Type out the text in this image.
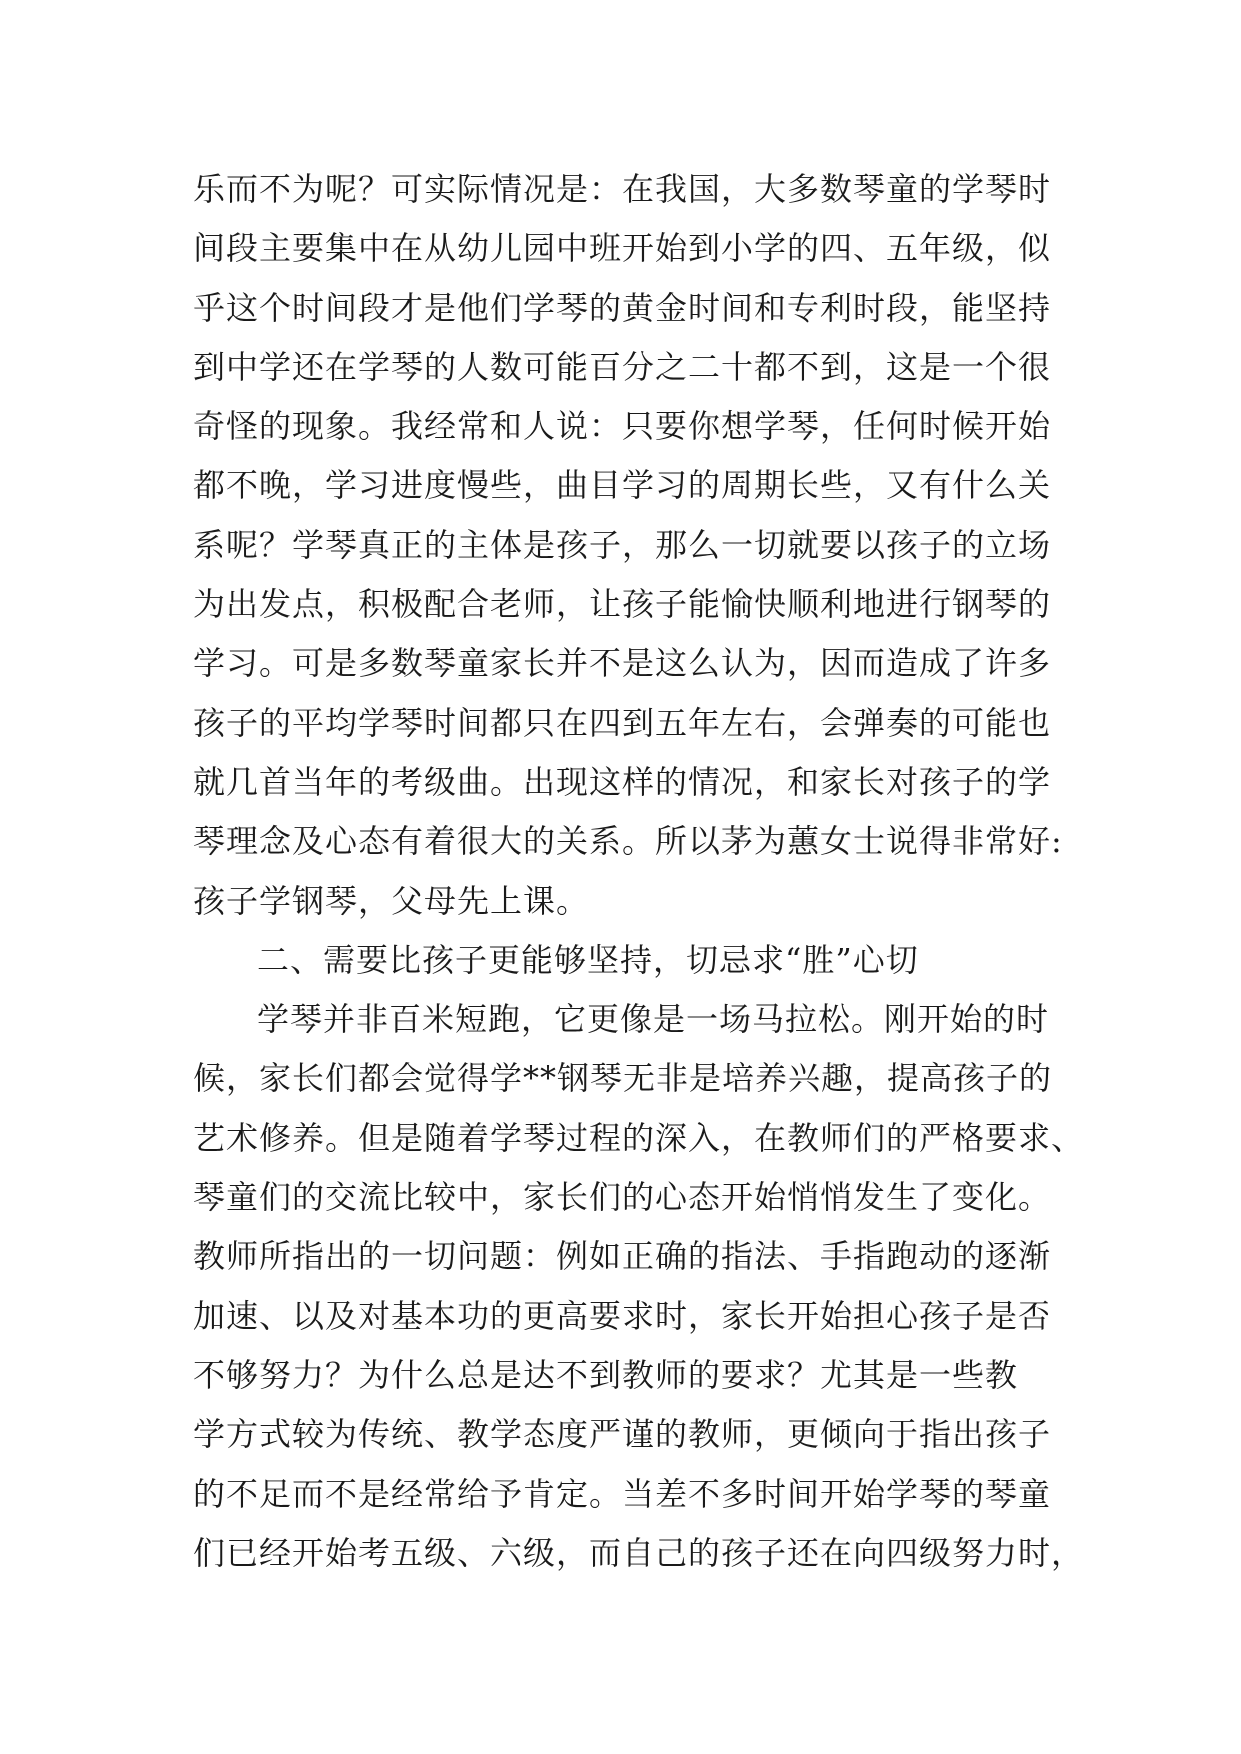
乐而不为呢？可实际情况是：在我国，大多数琴童的学琴时
间段主要集中在从幼儿园中班开始到小学的四、五年级，似
乎这个时间段才是他们学琴的黄金时间和专利时段，能坚持
到中学还在学琴的人数可能百分之二十都不到，这是一个很
奇怪的现象。我经常和人说：只要你想学琴，任何时候开始
都不晚，学习进度慢些，曲目学习的周期长些，又有什么关
系呢？学琴真正的主体是孩子，那么一切就要以孩子的立场
为出发点，积极配合老师，让孩子能愉快顺利地进行钢琴的
学习。可是多数琴童家长并不是这么认为，因而造成了许多
孩子的平均学琴时间都只在四到五年左右，会弹奏的可能也
就几首当年的考级曲。出现这样的情况，和家长对孩子的学
琴理念及心态有着很大的关系。所以茅为蕙女士说得非常好:
孩子学钢琴，父母先上课。
二、需要比孩子更能够坚持，切忌求“胜”心切
学琴并非百米短跑，它更像是一场马拉松。刚开始的时
候，家长们都会觉得学**钢琴无非是培养兴趣，提高孩子的
艺术修养。但是随着学琴过程的深入，在教师们的严格要求、
琴童们的交流比较中，家长们的心态开始悄悄发生了变化。
教师所指出的一切问题：例如正确的指法、手指跑动的逐渐
加速、以及对基本功的更高要求时，家长开始担心孩子是否
不够努力？为什么总是达不到教师的要求？尤其是一些教
学方式较为传统、教学态度严谨的教师，更倾向于指出孩子
的不足而不是经常给予肯定。当差不多时间开始学琴的琴童
们已经开始考五级、六级，而自己的孩子还在向四级努力时，
